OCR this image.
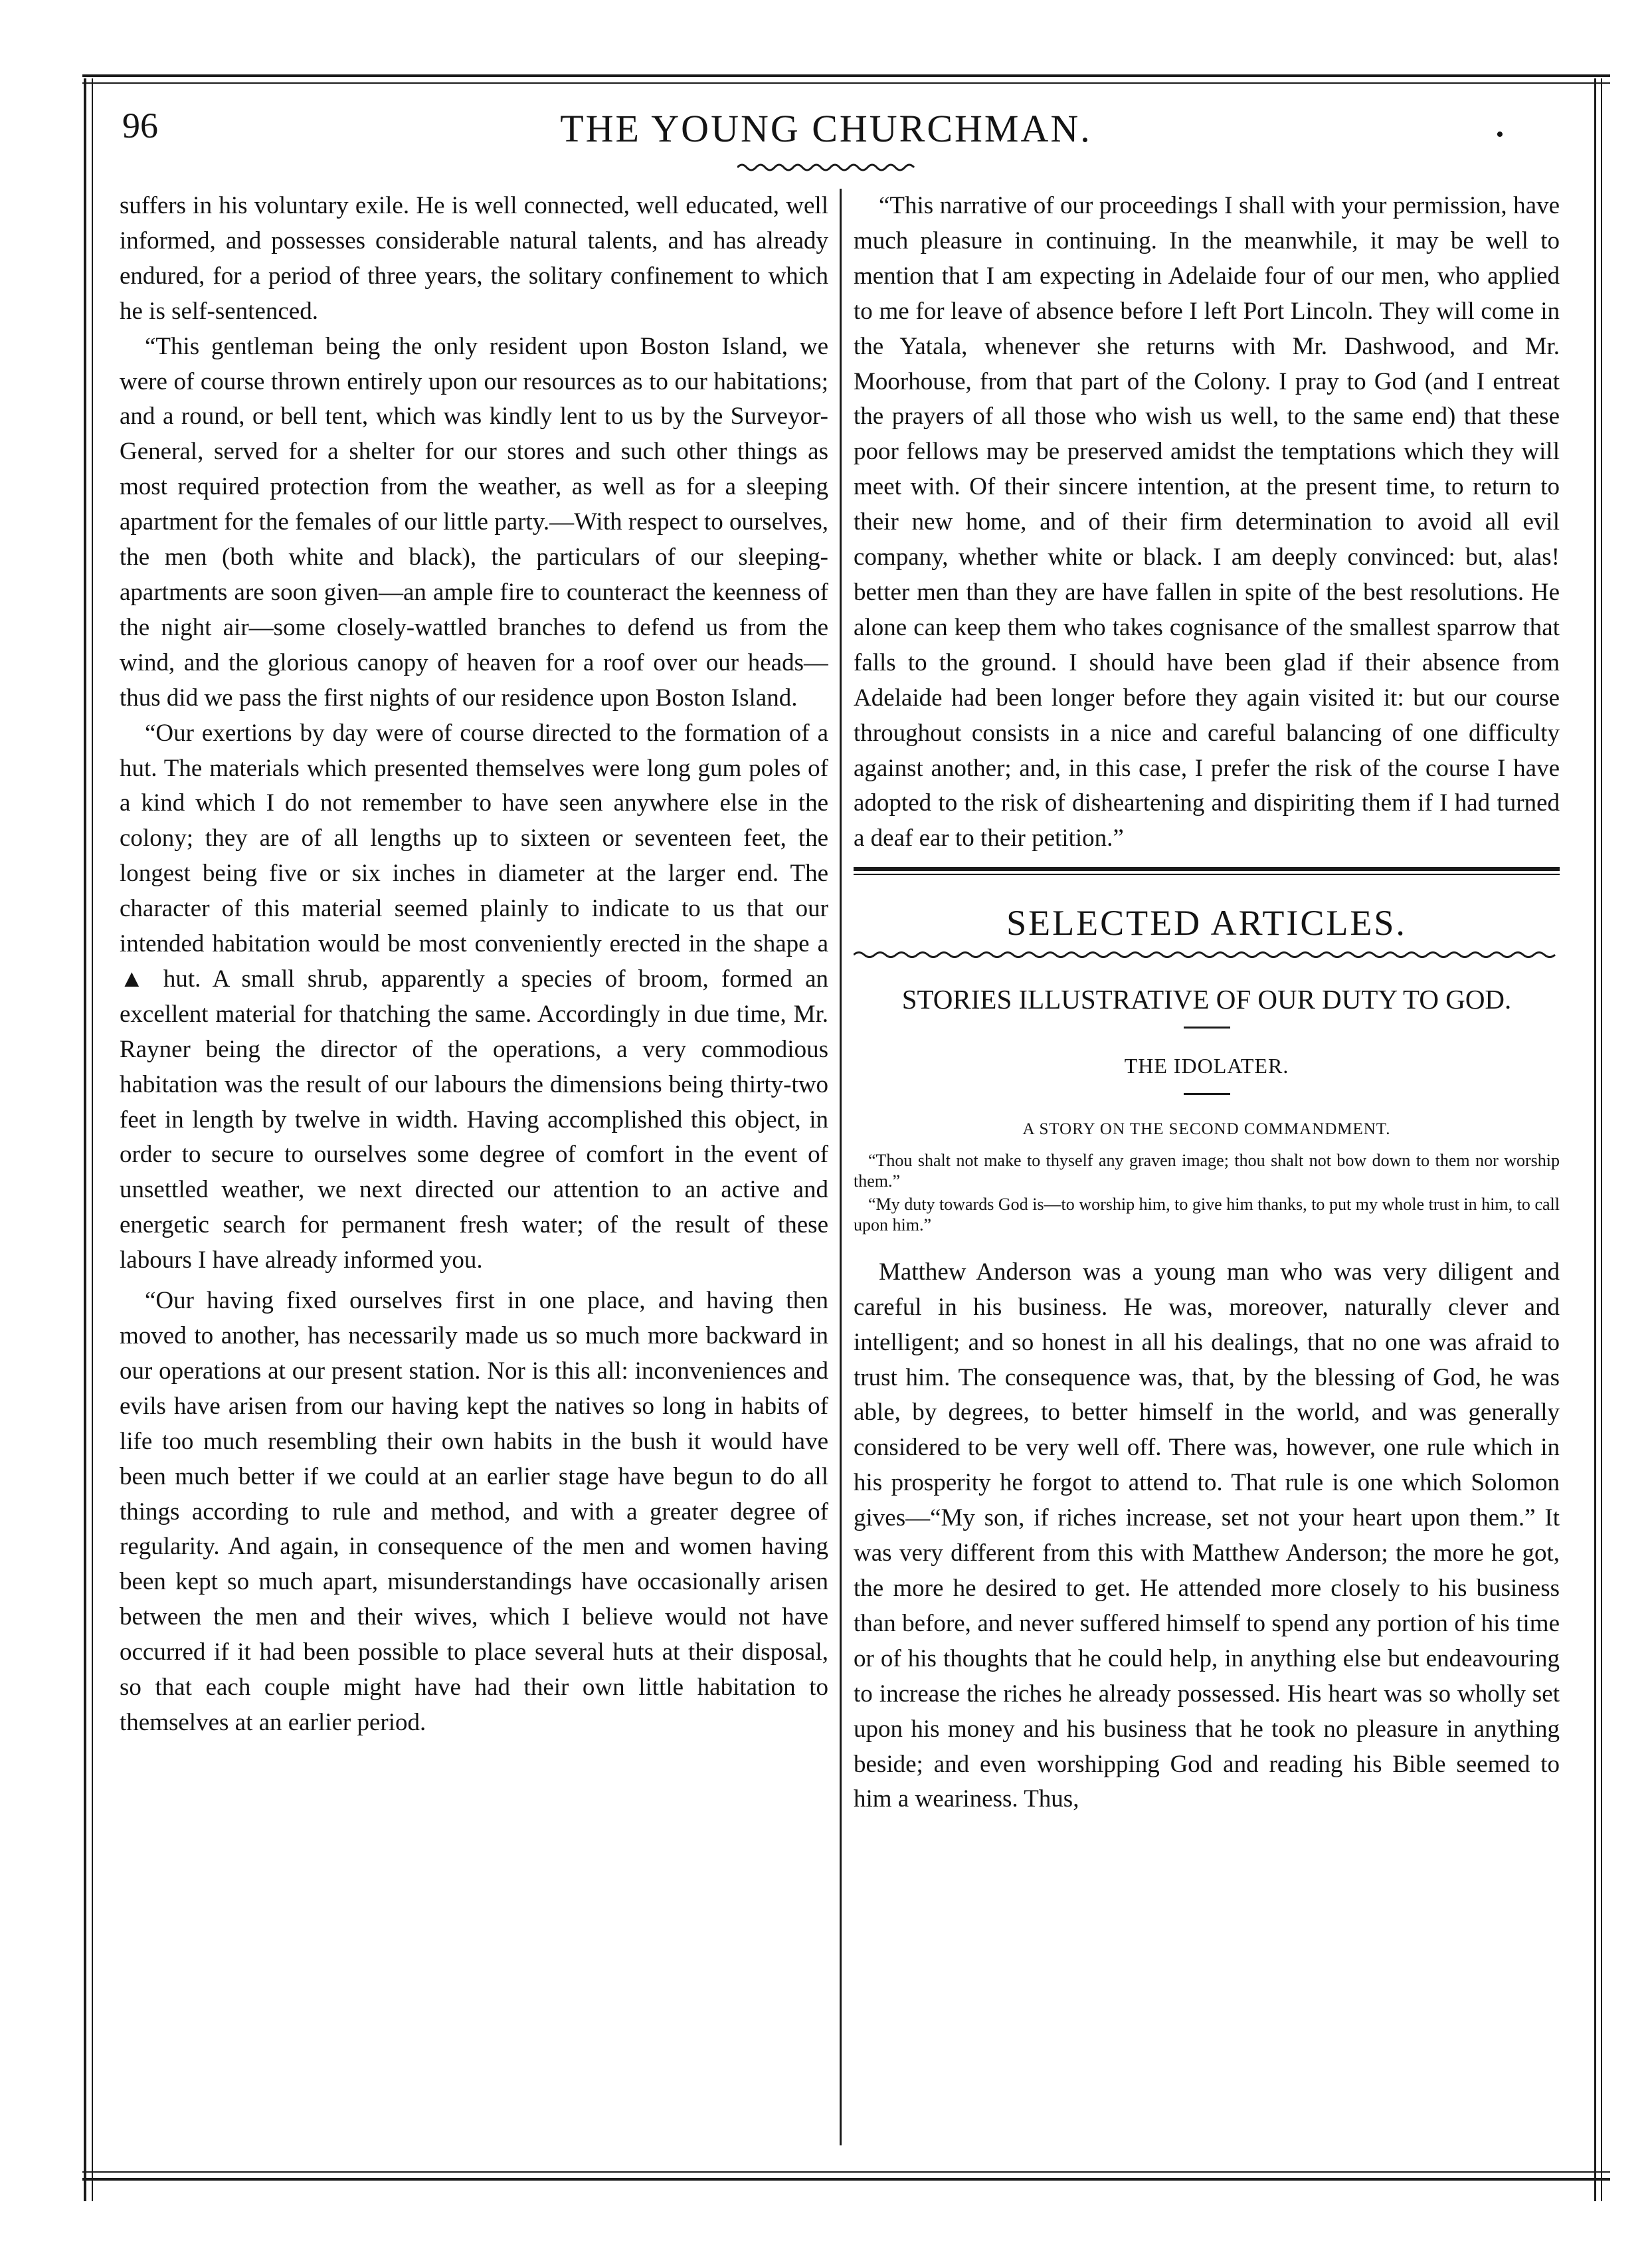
96	THE YOUNG CHURCHMAN.	•

suffers in his voluntary exile. He is well connected, well educated, well informed, and possesses considerable natural talents, and has already endured, for a period of three years, the solitary confinement to which he is self-sentenced.

“This gentleman being the only resident upon Boston Island, we were of course thrown entirely upon our resources as to our habitations; and a round, or bell tent, which was kindly lent to us by the Surveyor-General, served for a shelter for our stores and such other things as most required protection from the weather, as well as for a sleeping apartment for the females of our little party.—With respect to ourselves, the men (both white and black), the particulars of our sleeping-apartments are soon given—an ample fire to counteract the keenness of the night air—some closely-wattled branches to defend us from the wind, and the glorious canopy of heaven for a roof over our heads—thus did we pass the first nights of our residence upon Boston Island.

“Our exertions by day were of course directed to the formation of a hut. The materials which presented themselves were long gum poles of a kind which I do not remember to have seen anywhere else in the colony; they are of all lengths up to sixteen or seventeen feet, the longest being five or six inches in diameter at the larger end. The character of this material seemed plainly to indicate to us that our intended habitation would be most conveniently erected in the shape a ▲ hut. A small shrub, apparently a species of broom, formed an excellent material for thatching the same. Accordingly in due time, Mr. Rayner being the director of the operations, a very commodious habitation was the result of our labours the dimensions being thirty-two feet in length by twelve in width. Having accomplished this object, in order to secure to ourselves some degree of comfort in the event of unsettled weather, we next directed our attention to an active and energetic search for permanent fresh water; of the result of these labours I have already informed you.

“Our having fixed ourselves first in one place, and having then moved to another, has necessarily made us so much more backward in our operations at our present station. Nor is this all: inconveniences and evils have arisen from our having kept the natives so long in habits of life too much resembling their own habits in the bush it would have been much better if we could at an earlier stage have begun to do all things according to rule and method, and with a greater degree of regularity. And again, in consequence of the men and women having been kept so much apart, misunderstandings have occasionally arisen between the men and their wives, which I believe would not have occurred if it had been possible to place several huts at their disposal, so that each couple might have had their own little habitation to themselves at an earlier period.

“This narrative of our proceedings I shall with your permission, have much pleasure in continuing. In the meanwhile, it may be well to mention that I am expecting in Adelaide four of our men, who applied to me for leave of absence before I left Port Lincoln. They will come in the Yatala, whenever she returns with Mr. Dashwood, and Mr. Moorhouse, from that part of the Colony. I pray to God (and I entreat the prayers of all those who wish us well, to the same end) that these poor fellows may be preserved amidst the temptations which they will meet with. Of their sincere intention, at the present time, to return to their new home, and of their firm determination to avoid all evil company, whether white or black. I am deeply convinced: but, alas! better men than they are have fallen in spite of the best resolutions. He alone can keep them who takes cognisance of the smallest sparrow that falls to the ground. I should have been glad if their absence from Adelaide had been longer before they again visited it: but our course throughout consists in a nice and careful balancing of one difficulty against another; and, in this case, I prefer the risk of the course I have adopted to the risk of disheartening and dispiriting them if I had turned a deaf ear to their petition.”

SELECTED ARTICLES.
STORIES ILLUSTRATIVE OF OUR DUTY TO GOD.
THE IDOLATER.
A STORY ON THE SECOND COMMANDMENT.

“Thou shalt not make to thyself any graven image; thou shalt not bow down to them nor worship them.”

“My duty towards God is—to worship him, to give him thanks, to put my whole trust in him, to call upon him.”

Matthew Anderson was a young man who was very diligent and careful in his business. He was, moreover, naturally clever and intelligent; and so honest in all his dealings, that no one was afraid to trust him. The consequence was, that, by the blessing of God, he was able, by degrees, to better himself in the world, and was generally considered to be very well off. There was, however, one rule which in his prosperity he forgot to attend to. That rule is one which Solomon gives—“My son, if riches increase, set not your heart upon them.” It was very different from this with Matthew Anderson; the more he got, the more he desired to get. He attended more closely to his business than before, and never suffered himself to spend any portion of his time or of his thoughts that he could help, in anything else but endeavouring to increase the riches he already possessed. His heart was so wholly set upon his money and his business that he took no pleasure in anything beside; and even worshipping God and reading his Bible seemed to him a weariness. Thus,
